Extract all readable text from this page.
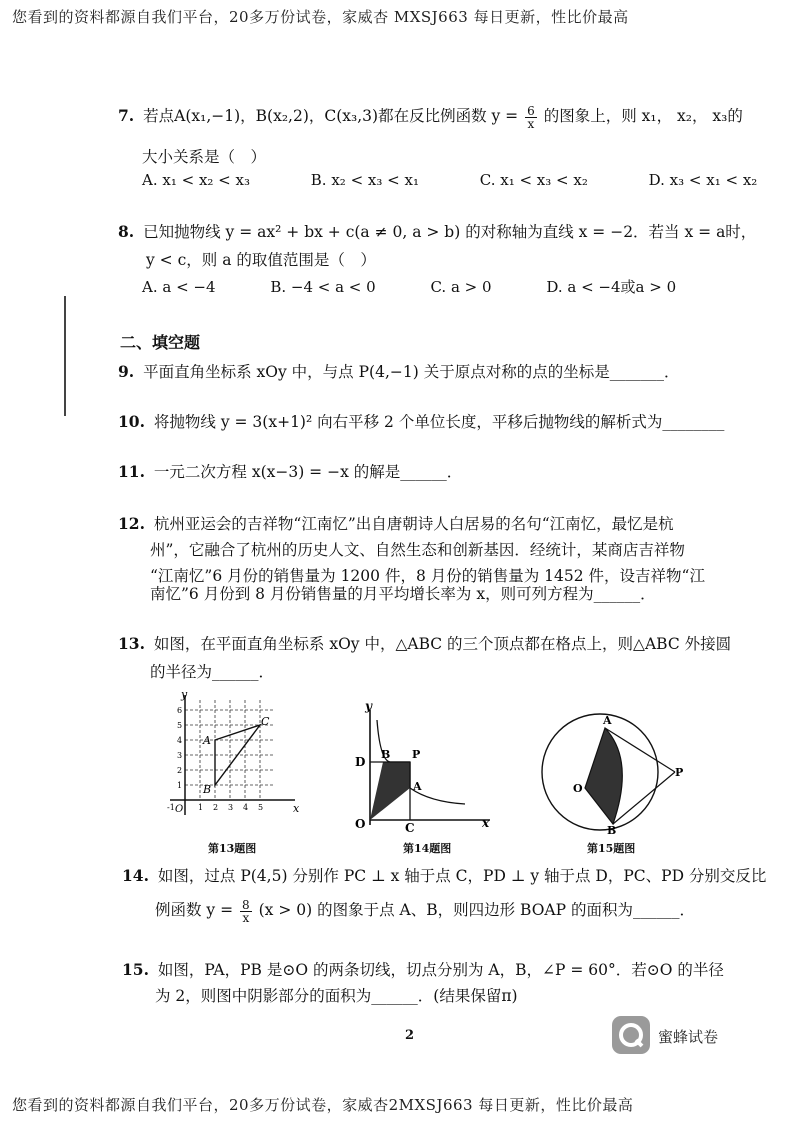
您看到的资料都源自我们平台，20多万份试卷，家威杏 MXSJ663 每日更新，性比价最高
7. 若点A(x₁,−1)，B(x₂,2)，C(x₃,3)都在反比例函数 $y = \frac{6}{x}$ 的图象上，则 x₁， x₂， x₃的
大小关系是（　）
A. x₁ < x₂ < x₃	B. x₂ < x₃ < x₁	C. x₁ < x₃ < x₂	D. x₃ < x₁ < x₂
8. 已知抛物线 y = ax² + bx + c(a ≠ 0, a > b) 的对称轴为直线 x = −2．若当 x = a时，
y < c，则 a 的取值范围是（　）
A. a < −4	B. −4 < a < 0	C. a > 0	D. a < −4或a > 0
二、填空题
9. 平面直角坐标系 xOy 中，与点 P(4,−1) 关于原点对称的点的坐标是_______．
10. 将抛物线 y = 3(x+1)² 向右平移 2 个单位长度，平移后抛物线的解析式为________
11. 一元二次方程 x(x−3) = −x 的解是______．
12. 杭州亚运会的吉祥物“江南忆”出自唐朝诗人白居易的名句“江南忆，最忆是杭
州”，它融合了杭州的历史人文、自然生态和创新基因．经统计，某商店吉祥物
“江南忆”6 月份的销售量为 1200 件，8 月份的销售量为 1452 件，设吉祥物“江
南忆”6 月份到 8 月份销售量的月平均增长率为 x，则可列方程为______．
13. 如图，在平面直角坐标系 xOy 中，△ABC 的三个顶点都在格点上，则△ABC 外接圆
的半径为______．
y
x
A
B
C
O
6
5
4
3
2
1
1 2 3 4 5
-1
第13题图
y
x
D
B P
A
O	C
第14题图
A
B
O
P
第15题图
14. 如图，过点 P(4,5) 分别作 PC ⊥ x 轴于点 C，PD ⊥ y 轴于点 D，PC、PD 分别交反比
例函数 $y = \frac{8}{x} (x > 0)$ 的图象于点 A、B，则四边形 BOAP 的面积为______．
15. 如图，PA，PB 是⊙O 的两条切线，切点分别为 A，B，∠P = 60°．若⊙O 的半径
为 2，则图中阴影部分的面积为______．(结果保留π)
2	蜜蜂试卷
您看到的资料都源自我们平台，20多万份试卷，家威杏2MXSJ663 每日更新，性比价最高
